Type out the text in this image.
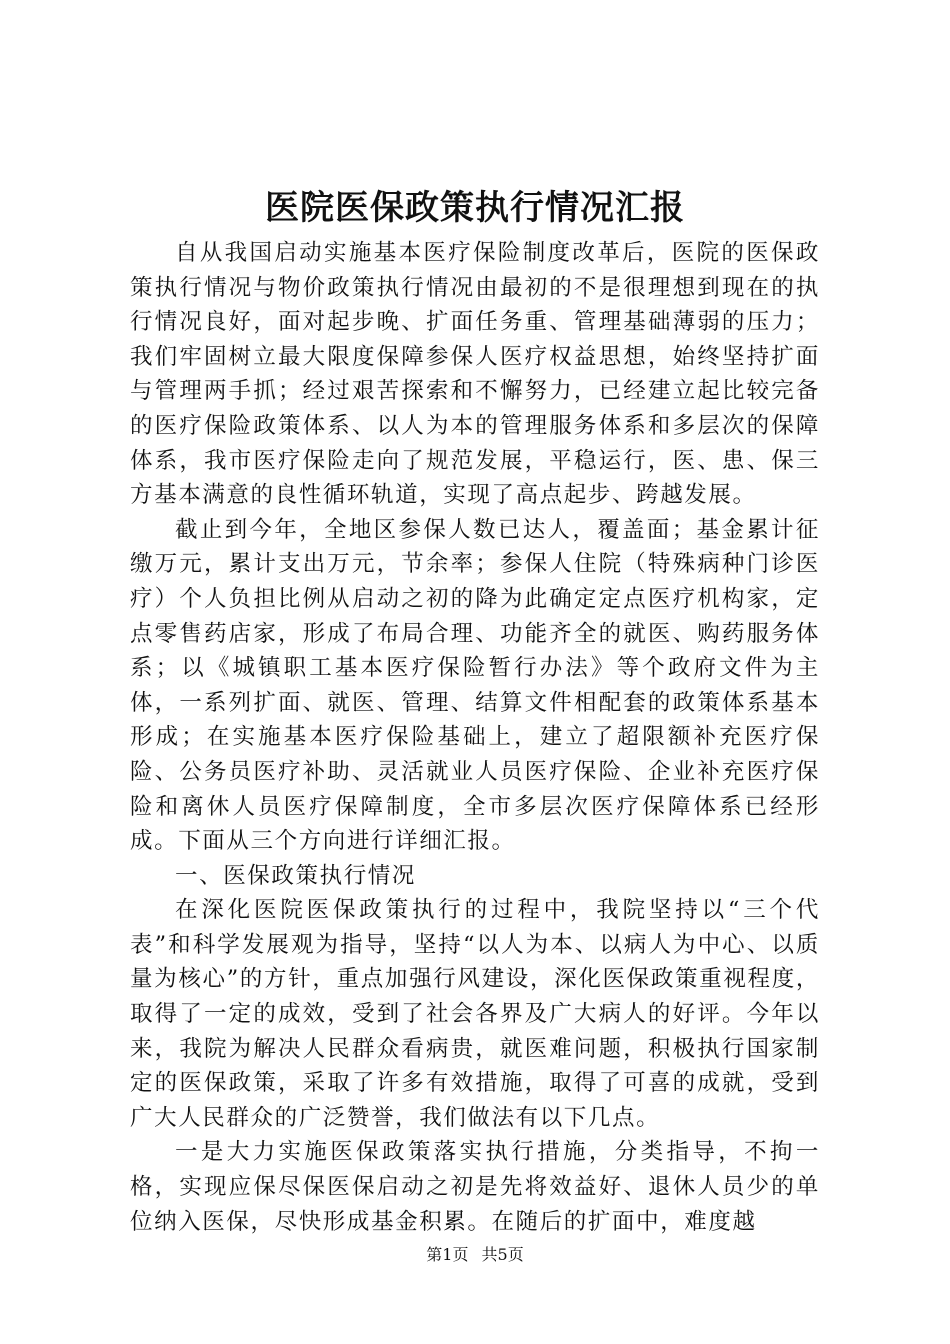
医院医保政策执行情况汇报

自从我国启动实施基本医疗保险制度改革后，医院的医保政策执行情况与物价政策执行情况由最初的不是很理想到现在的执行情况良好，面对起步晚、扩面任务重、管理基础薄弱的压力；我们牢固树立最大限度保障参保人医疗权益思想，始终坚持扩面与管理两手抓；经过艰苦探索和不懈努力，已经建立起比较完备的医疗保险政策体系、以人为本的管理服务体系和多层次的保障体系，我市医疗保险走向了规范发展，平稳运行，医、患、保三方基本满意的良性循环轨道，实现了高点起步、跨越发展。

截止到今年，全地区参保人数已达人，覆盖面；基金累计征缴万元，累计支出万元，节余率；参保人住院（特殊病种门诊医疗）个人负担比例从启动之初的降为此确定定点医疗机构家，定点零售药店家，形成了布局合理、功能齐全的就医、购药服务体系；以《城镇职工基本医疗保险暂行办法》等个政府文件为主体，一系列扩面、就医、管理、结算文件相配套的政策体系基本形成；在实施基本医疗保险基础上，建立了超限额补充医疗保险、公务员医疗补助、灵活就业人员医疗保险、企业补充医疗保险和离休人员医疗保障制度，全市多层次医疗保障体系已经形成。下面从三个方向进行详细汇报。

一、医保政策执行情况

在深化医院医保政策执行的过程中，我院坚持以“三个代表”和科学发展观为指导，坚持“以人为本、以病人为中心、以质量为核心”的方针，重点加强行风建设，深化医保政策重视程度，取得了一定的成效，受到了社会各界及广大病人的好评。今年以来，我院为解决人民群众看病贵，就医难问题，积极执行国家制定的医保政策，采取了许多有效措施，取得了可喜的成就，受到广大人民群众的广泛赞誉，我们做法有以下几点。

一是大力实施医保政策落实执行措施，分类指导，不拘一格，实现应保尽保医保启动之初是先将效益好、退休人员少的单位纳入医保，尽快形成基金积累。在随后的扩面中，难度越

第1页 共5页
